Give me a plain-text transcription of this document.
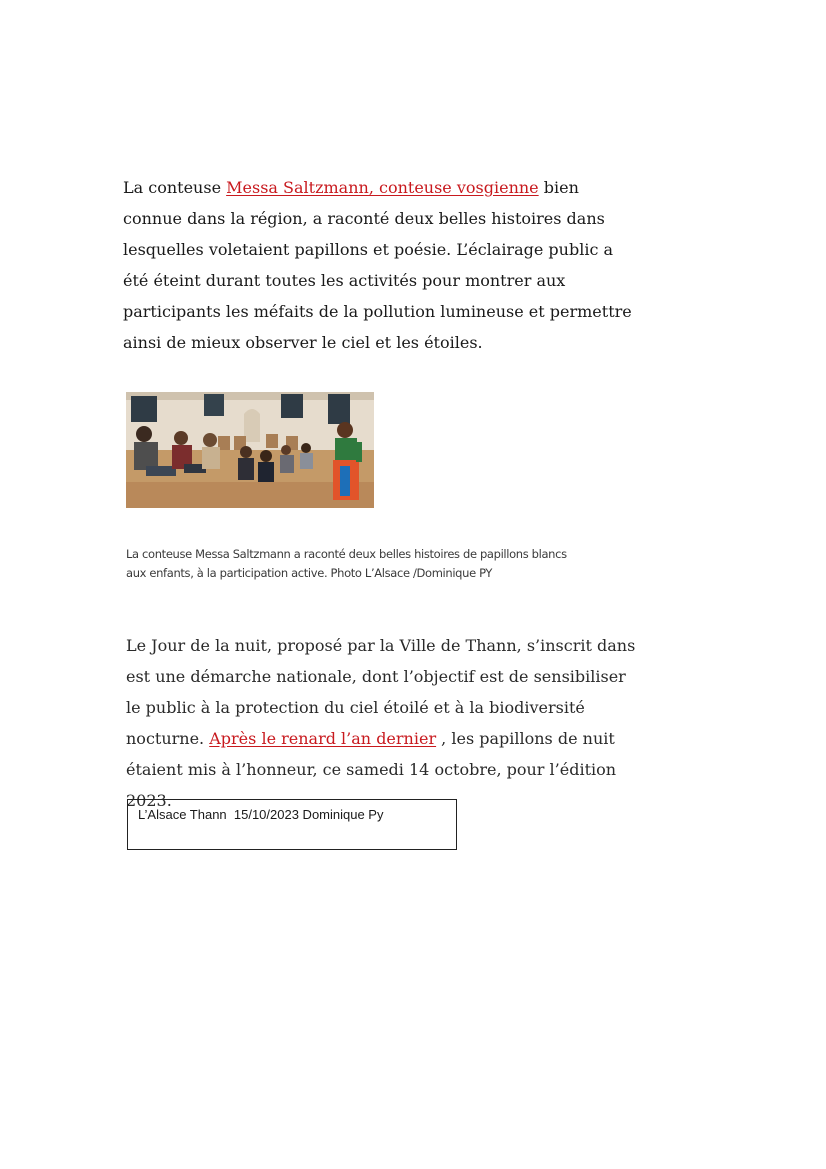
La conteuse Messa Saltzmann, conteuse vosgienne bien connue dans la région, a raconté deux belles histoires dans lesquelles voletaient papillons et poésie. L’éclairage public a été éteint durant toutes les activités pour montrer aux participants les méfaits de la pollution lumineuse et permettre ainsi de mieux observer le ciel et les étoiles.

La conteuse Messa Saltzmann a raconté deux belles histoires de papillons blancs
aux enfants, à la participation active. Photo L’Alsace /Dominique PY

Le Jour de la nuit, proposé par la Ville de Thann, s’inscrit dans est une démarche nationale, dont l’objectif est de sensibiliser le public à la protection du ciel étoilé et à la biodiversité nocturne. Après le renard l’an dernier , les papillons de nuit étaient mis à l’honneur, ce samedi 14 octobre, pour l’édition 2023.

L’Alsace Thann  15/10/2023 Dominique Py
